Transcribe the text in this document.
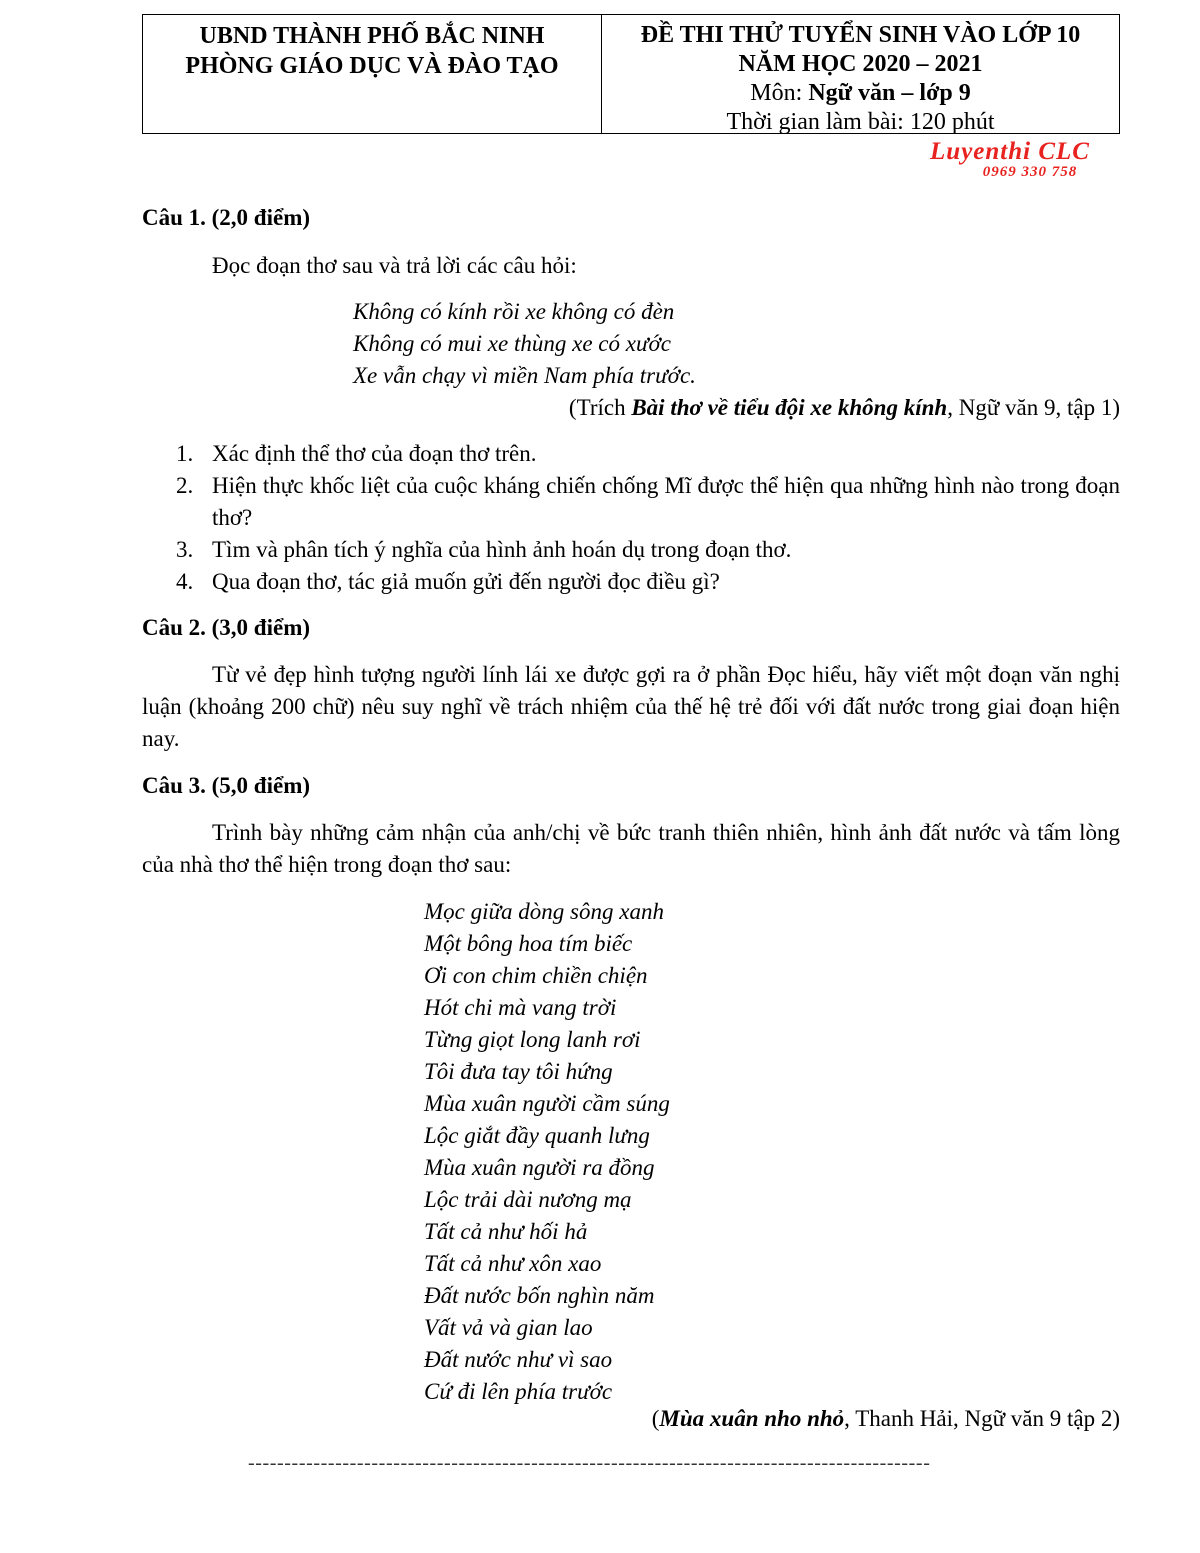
UBND THÀNH PHỐ BẮC NINH
PHÒNG GIÁO DỤC VÀ ĐÀO TẠO
ĐỀ THI THỬ TUYỂN SINH VÀO LỚP 10
NĂM HỌC 2020 – 2021
Môn: Ngữ văn – lớp 9
Thời gian làm bài: 120 phút
Luyenthi CLC
0969 330 758
Câu 1. (2,0 điểm)
Đọc đoạn thơ sau và trả lời các câu hỏi:
Không có kính rồi xe không có đèn
Không có mui xe thùng xe có xước
Xe vẫn chạy vì miền Nam phía trước.
(Trích Bài thơ về tiểu đội xe không kính, Ngữ văn 9, tập 1)
1. Xác định thể thơ của đoạn thơ trên.
2. Hiện thực khốc liệt của cuộc kháng chiến chống Mĩ được thể hiện qua những hình nào trong đoạn thơ?
3. Tìm và phân tích ý nghĩa của hình ảnh hoán dụ trong đoạn thơ.
4. Qua đoạn thơ, tác giả muốn gửi đến người đọc điều gì?
Câu 2. (3,0 điểm)
Từ vẻ đẹp hình tượng người lính lái xe được gợi ra ở phần Đọc hiểu, hãy viết một đoạn văn nghị luận (khoảng 200 chữ) nêu suy nghĩ về trách nhiệm của thế hệ trẻ đối với đất nước trong giai đoạn hiện nay.
Câu 3. (5,0 điểm)
Trình bày những cảm nhận của anh/chị về bức tranh thiên nhiên, hình ảnh đất nước và tấm lòng của nhà thơ thể hiện trong đoạn thơ sau:
Mọc giữa dòng sông xanh
Một bông hoa tím biếc
Ơi con chim chiền chiện
Hót chi mà vang trời
Từng giọt long lanh rơi
Tôi đưa tay tôi hứng
Mùa xuân người cầm súng
Lộc giắt đầy quanh lưng
Mùa xuân người ra đồng
Lộc trải dài nương mạ
Tất cả như hối hả
Tất cả như xôn xao
Đất nước bốn nghìn năm
Vất vả và gian lao
Đất nước như vì sao
Cứ đi lên phía trước
(Mùa xuân nho nhỏ, Thanh Hải, Ngữ văn 9 tập 2)
----------------------------------------------------------------------------------------------
